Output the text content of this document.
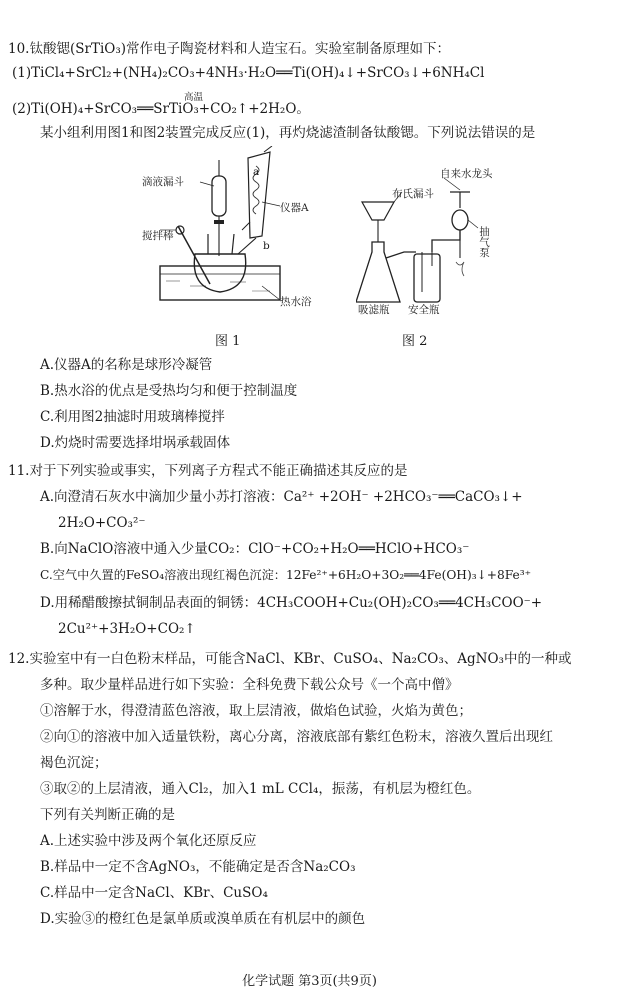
10.钛酸锶(SrTiO₃)常作电子陶瓷材料和人造宝石。实验室制备原理如下：
(1)TiCl₄+SrCl₂+(NH₄)₂CO₃+4NH₃·H₂O══Ti(OH)₄↓+SrCO₃↓+6NH₄Cl
高温
(2)Ti(OH)₄+SrCO₃══SrTiO₃+CO₂↑+2H₂O。
某小组利用图1和图2装置完成反应(1)，再灼烧滤渣制备钛酸锶。下列说法错误的是
滴液漏斗
a
仪器A
搅拌棒
b
热水浴
图 1
自来水龙头
布氏漏斗
抽气泵
吸滤瓶 安全瓶
图 2
A.仪器A的名称是球形冷凝管
B.热水浴的优点是受热均匀和便于控制温度
C.利用图2抽滤时用玻璃棒搅拌
D.灼烧时需要选择坩埚承载固体
11.对于下列实验或事实，下列离子方程式不能正确描述其反应的是
A.向澄清石灰水中滴加少量小苏打溶液：Ca²⁺ +2OH⁻ +2HCO₃⁻══CaCO₃↓+
2H₂O+CO₃²⁻
B.向NaClO溶液中通入少量CO₂：ClO⁻+CO₂+H₂O══HClO+HCO₃⁻
C.空气中久置的FeSO₄溶液出现红褐色沉淀：12Fe²⁺+6H₂O+3O₂══4Fe(OH)₃↓+8Fe³⁺
D.用稀醋酸擦拭铜制品表面的铜锈：4CH₃COOH+Cu₂(OH)₂CO₃══4CH₃COO⁻+
2Cu²⁺+3H₂O+CO₂↑
12.实验室中有一白色粉末样品，可能含NaCl、KBr、CuSO₄、Na₂CO₃、AgNO₃中的一种或
多种。取少量样品进行如下实验：全科免费下载公众号《一个高中僧》
①溶解于水，得澄清蓝色溶液，取上层清液，做焰色试验，火焰为黄色；
②向①的溶液中加入适量铁粉，离心分离，溶液底部有紫红色粉末，溶液久置后出现红
褐色沉淀；
③取②的上层清液，通入Cl₂，加入1 mL CCl₄，振荡，有机层为橙红色。
下列有关判断正确的是
A.上述实验中涉及两个氧化还原反应
B.样品中一定不含AgNO₃，不能确定是否含Na₂CO₃
C.样品中一定含NaCl、KBr、CuSO₄
D.实验③的橙红色是氯单质或溴单质在有机层中的颜色
化学试题 第3页(共9页)
